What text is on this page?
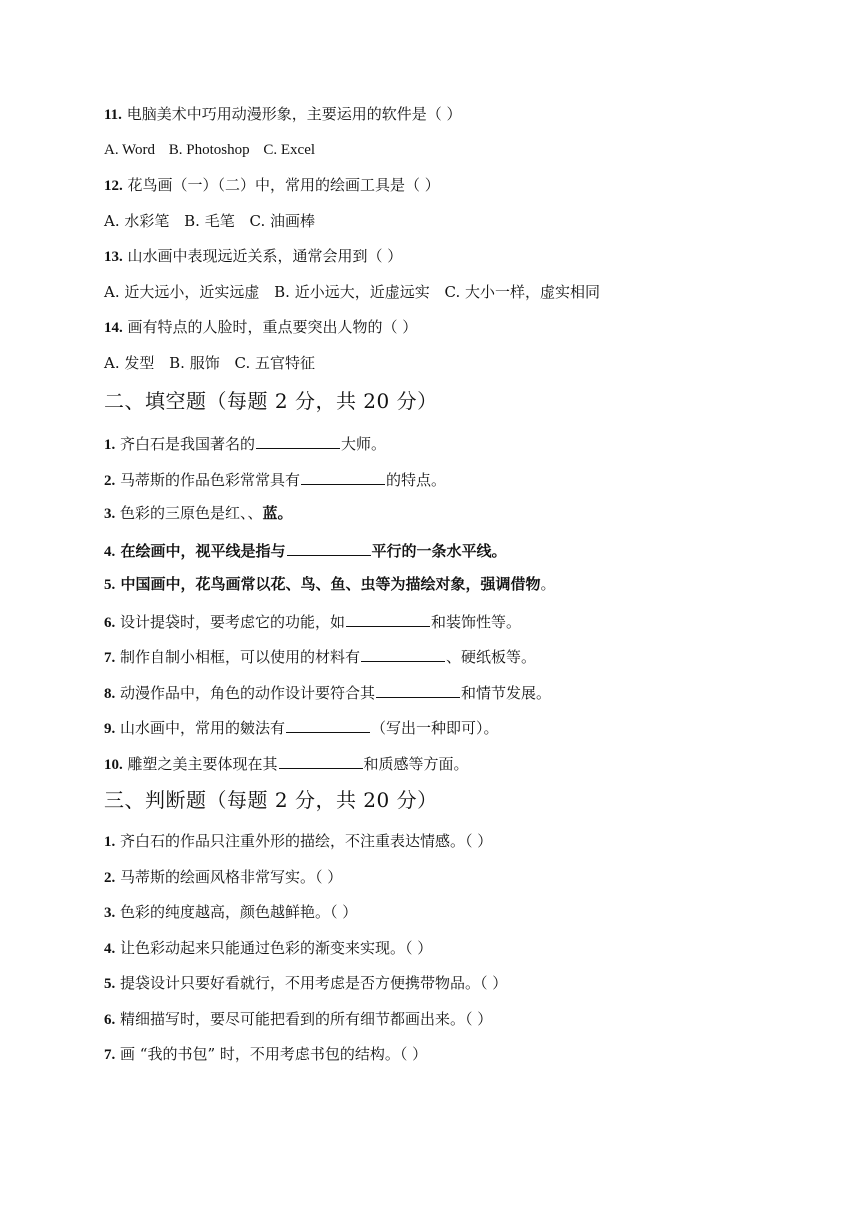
11. 电脑美术中巧用动漫形象，主要运用的软件是（ ）
A. Word B. Photoshop C. Excel
12. 花鸟画（一）（二）中，常用的绘画工具是（ ）
A. 水彩笔 B. 毛笔 C. 油画棒
13. 山水画中表现远近关系，通常会用到（ ）
A. 近大远小，近实远虚 B. 近小远大，近虚远实 C. 大小一样，虚实相同
14. 画有特点的人脸时，重点要突出人物的（ ）
A. 发型 B. 服饰 C. 五官特征
二、填空题（每题 2 分，共 20 分）
1. 齐白石是我国著名的	大师。
2. 马蒂斯的作品色彩常常具有	的特点。
3. 色彩的三原色是红、、蓝。
4. 在绘画中，视平线是指与	平行的一条水平线。
5. 中国画中，花鸟画常以花、鸟、鱼、虫等为描绘对象，强调借物。
6. 设计提袋时，要考虑它的功能，如	和装饰性等。
7. 制作自制小相框，可以使用的材料有	、硬纸板等。
8. 动漫作品中，角色的动作设计要符合其	和情节发展。
9. 山水画中，常用的皴法有	（写出一种即可）。
10. 雕塑之美主要体现在其	和质感等方面。
三、判断题（每题 2 分，共 20 分）
1. 齐白石的作品只注重外形的描绘，不注重表达情感。（ ）
2. 马蒂斯的绘画风格非常写实。（ ）
3. 色彩的纯度越高，颜色越鲜艳。（ ）
4. 让色彩动起来只能通过色彩的渐变来实现。（ ）
5. 提袋设计只要好看就行，不用考虑是否方便携带物品。（ ）
6. 精细描写时，要尽可能把看到的所有细节都画出来。（ ）
7. 画 “我的书包” 时，不用考虑书包的结构。（ ）
